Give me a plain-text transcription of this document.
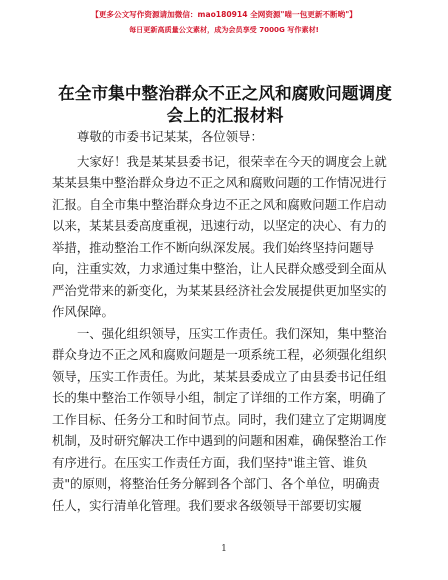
【更多公文写作资源请加微信：mao180914 全网资源"喵一包更新不断哟"】
每日更新高质量公文素材，成为会员享受 7000G 写作素材!
在全市集中整治群众不正之风和腐败问题调度
会上的汇报材料
尊敬的市委书记某某，各位领导：
大家好！我是某某县委书记，很荣幸在今天的调度会上就
某某县集中整治群众身边不正之风和腐败问题的工作情况进行
汇报。自全市集中整治群众身边不正之风和腐败问题工作启动
以来，某某县委高度重视，迅速行动，以坚定的决心、有力的
举措，推动整治工作不断向纵深发展。我们始终坚持问题导
向，注重实效，力求通过集中整治，让人民群众感受到全面从
严治党带来的新变化，为某某县经济社会发展提供更加坚实的
作风保障。
一、强化组织领导，压实工作责任。我们深知，集中整治
群众身边不正之风和腐败问题是一项系统工程，必须强化组织
领导，压实工作责任。为此，某某县委成立了由县委书记任组
长的集中整治工作领导小组，制定了详细的工作方案，明确了
工作目标、任务分工和时间节点。同时，我们建立了定期调度
机制，及时研究解决工作中遇到的问题和困难，确保整治工作
有序进行。在压实工作责任方面，我们坚持"谁主管、谁负
责"的原则，将整治任务分解到各个部门、各个单位，明确责
任人，实行清单化管理。我们要求各级领导干部要切实履
1
